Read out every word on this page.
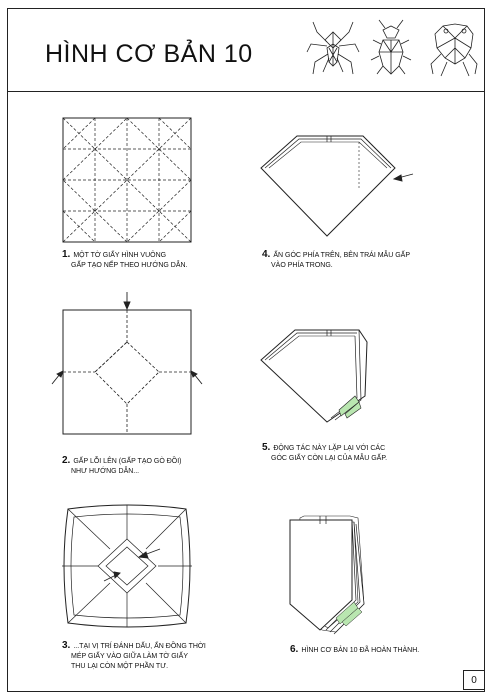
HÌNH CƠ BẢN 10
1. MỘT TỜ GIẤY HÌNH VUÔNG
GẤP TẠO NẾP THEO HƯỚNG DẪN.
2. GẤP LỖI LÊN (GẤP TẠO GÒ ĐỒI)
NHƯ HƯỚNG DẪN...
3. ...TẠI VỊ TRÍ ĐÁNH DẤU, ẤN ĐỒNG THỜI
MÉP GIẤY VÀO GIỮA LÀM TỜ GIẤY
THU LẠI CÒN MỘT PHẦN TƯ.
4. ẤN GÓC PHÍA TRÊN, BÊN TRÁI MẪU GẤP
VÀO PHÍA TRONG.
5. ĐỘNG TÁC NÀY LẶP LẠI VỚI CÁC
GÓC GIẤY CÒN LẠI CỦA MẪU GẤP.
6. HÌNH CƠ BẢN 10 ĐÃ HOÀN THÀNH.
0
